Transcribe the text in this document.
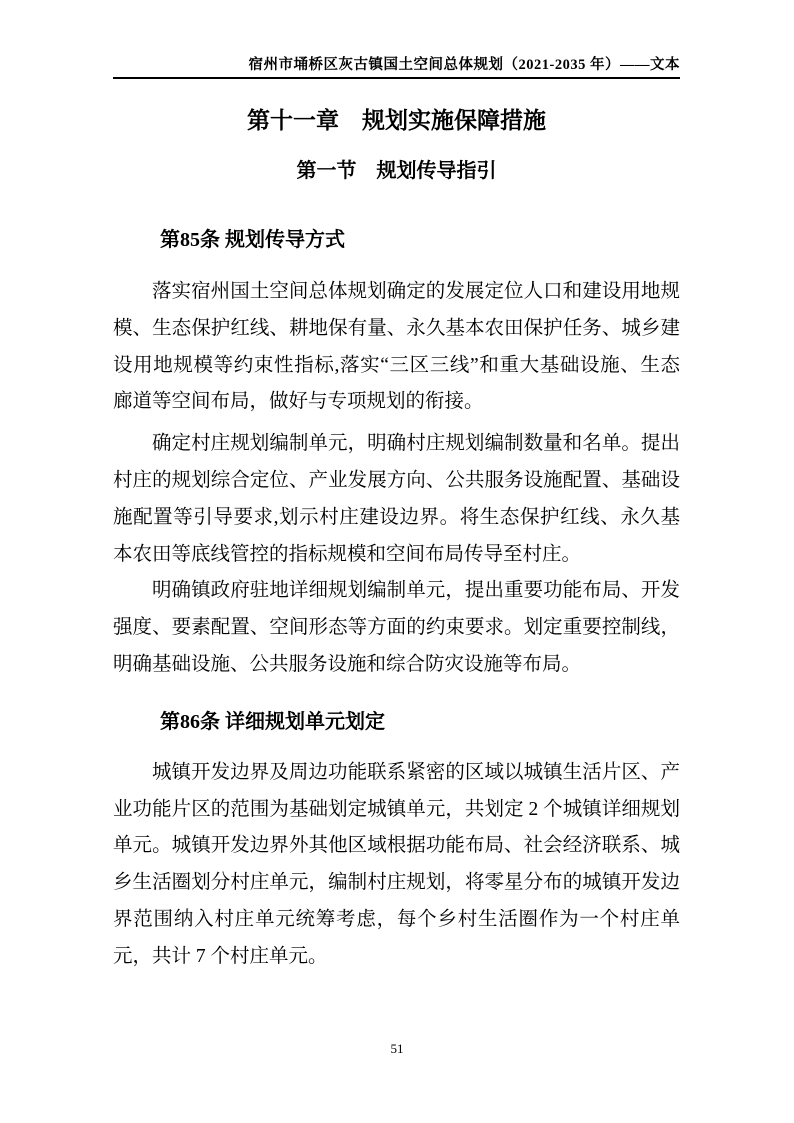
宿州市埇桥区灰古镇国土空间总体规划（2021-2035 年）——文本
第十一章　规划实施保障措施
第一节　规划传导指引
第85条 规划传导方式

落实宿州国土空间总体规划确定的发展定位人口和建设用地规模、生态保护红线、耕地保有量、永久基本农田保护任务、城乡建设用地规模等约束性指标,落实“三区三线”和重大基础设施、生态廊道等空间布局，做好与专项规划的衔接。

确定村庄规划编制单元，明确村庄规划编制数量和名单。提出村庄的规划综合定位、产业发展方向、公共服务设施配置、基础设施配置等引导要求,划示村庄建设边界。将生态保护红线、永久基本农田等底线管控的指标规模和空间布局传导至村庄。

明确镇政府驻地详细规划编制单元，提出重要功能布局、开发强度、要素配置、空间形态等方面的约束要求。划定重要控制线，明确基础设施、公共服务设施和综合防灾设施等布局。

第86条 详细规划单元划定

城镇开发边界及周边功能联系紧密的区域以城镇生活片区、产业功能片区的范围为基础划定城镇单元，共划定 2 个城镇详细规划单元。城镇开发边界外其他区域根据功能布局、社会经济联系、城乡生活圈划分村庄单元，编制村庄规划，将零星分布的城镇开发边界范围纳入村庄单元统筹考虑，每个乡村生活圈作为一个村庄单元，共计 7 个村庄单元。

51
